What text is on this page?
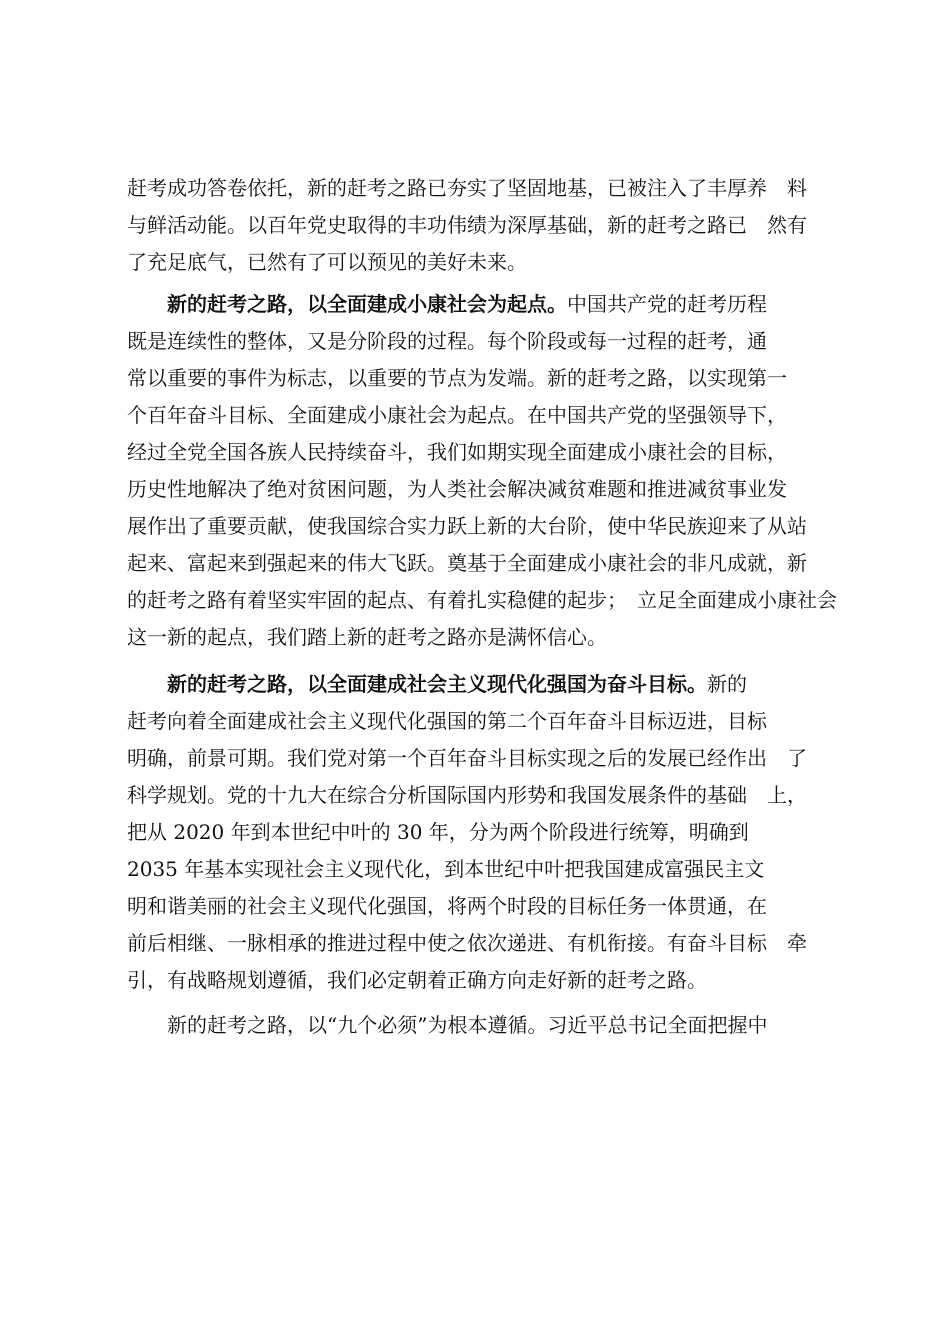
赶考成功答卷依托，新的赶考之路已夯实了坚固地基，已被注入了丰厚养　料
与鲜活动能。以百年党史取得的丰功伟绩为深厚基础，新的赶考之路已　然有
了充足底气，已然有了可以预见的美好未来。
新的赶考之路，以全面建成小康社会为起点。中国共产党的赶考历程
既是连续性的整体，又是分阶段的过程。每个阶段或每一过程的赶考，通
常以重要的事件为标志，以重要的节点为发端。新的赶考之路，以实现第一
个百年奋斗目标、全面建成小康社会为起点。在中国共产党的坚强领导下，
经过全党全国各族人民持续奋斗，我们如期实现全面建成小康社会的目标，
历史性地解决了绝对贫困问题，为人类社会解决减贫难题和推进减贫事业发
展作出了重要贡献，使我国综合实力跃上新的大台阶，使中华民族迎来了从站
起来、富起来到强起来的伟大飞跃。奠基于全面建成小康社会的非凡成就，新
的赶考之路有着坚实牢固的起点、有着扎实稳健的起步；　立足全面建成小康社会
这一新的起点，我们踏上新的赶考之路亦是满怀信心。
新的赶考之路，以全面建成社会主义现代化强国为奋斗目标。新的
赶考向着全面建成社会主义现代化强国的第二个百年奋斗目标迈进，目标
明确，前景可期。我们党对第一个百年奋斗目标实现之后的发展已经作出　了
科学规划。党的十九大在综合分析国际国内形势和我国发展条件的基础　上，
把从 2020 年到本世纪中叶的 30 年，分为两个阶段进行统筹，明确到
2035 年基本实现社会主义现代化，到本世纪中叶把我国建成富强民主文
明和谐美丽的社会主义现代化强国，将两个时段的目标任务一体贯通，在
前后相继、一脉相承的推进过程中使之依次递进、有机衔接。有奋斗目标　牵
引，有战略规划遵循，我们必定朝着正确方向走好新的赶考之路。
新的赶考之路，以“九个必须”为根本遵循。习近平总书记全面把握中
